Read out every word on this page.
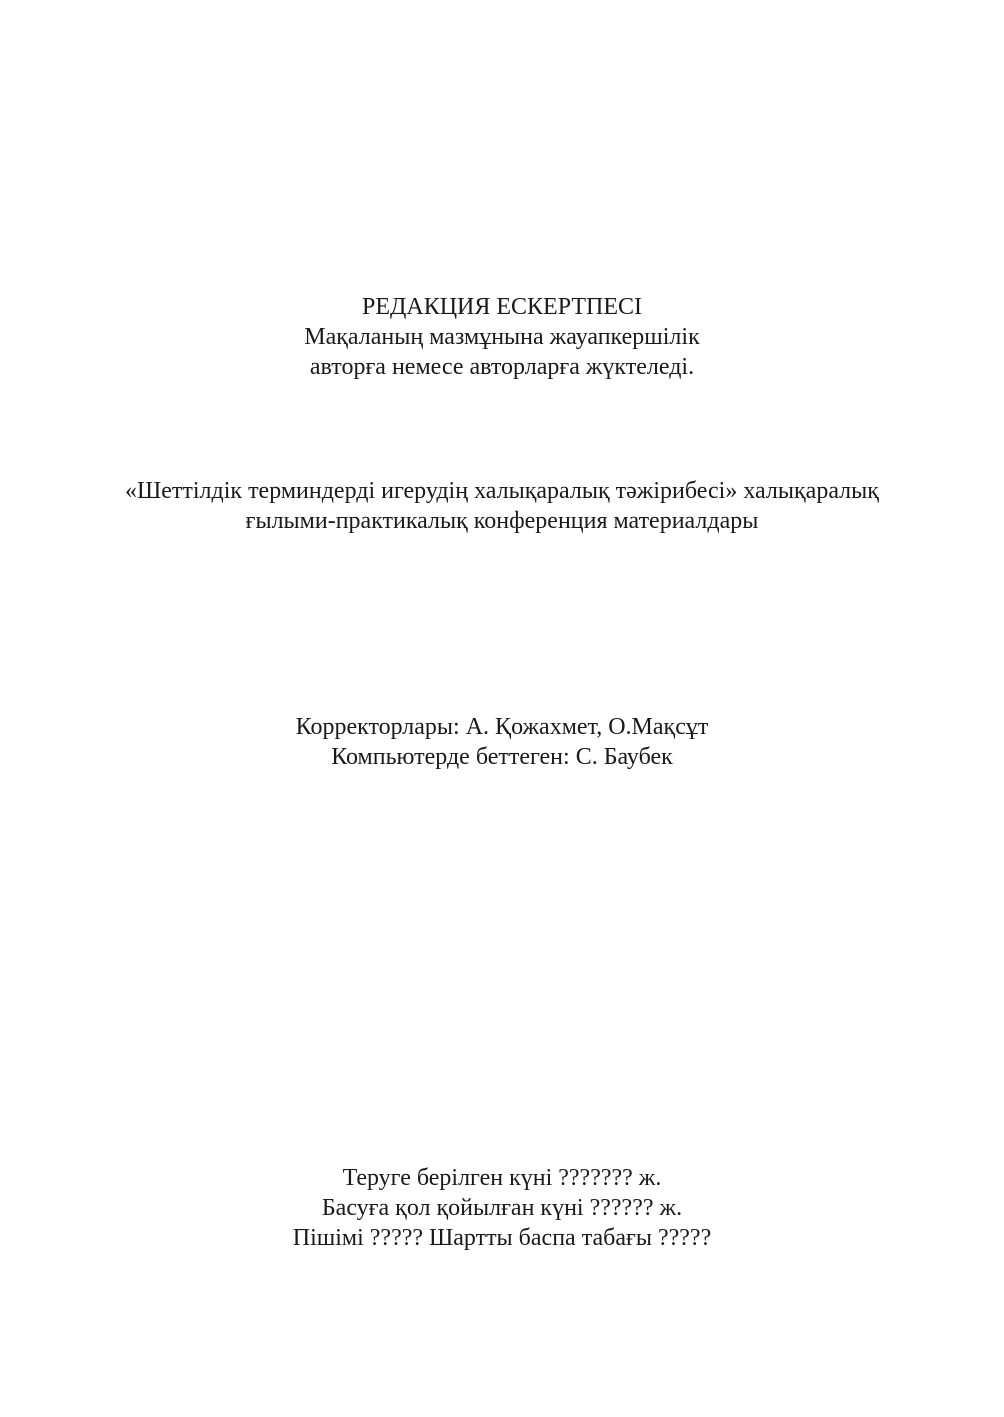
РЕДАКЦИЯ ЕСКЕРТПЕСІ
Мақаланың мазмұнына жауапкершілік
авторға немесе авторларға жүктеледі.
«Шеттілдік терминдерді игерудің халықаралық тәжірибесі» халықаралық
ғылыми-практикалық конференция материалдары
Корректорлары: А. Қожахмет, О.Мақсұт
Компьютерде беттеген: С. Баубек
Теруге берілген күні ??????? ж.
Басуға қол қойылған күні ?????? ж.
Пішімі ????? Шартты баспа табағы ?????
